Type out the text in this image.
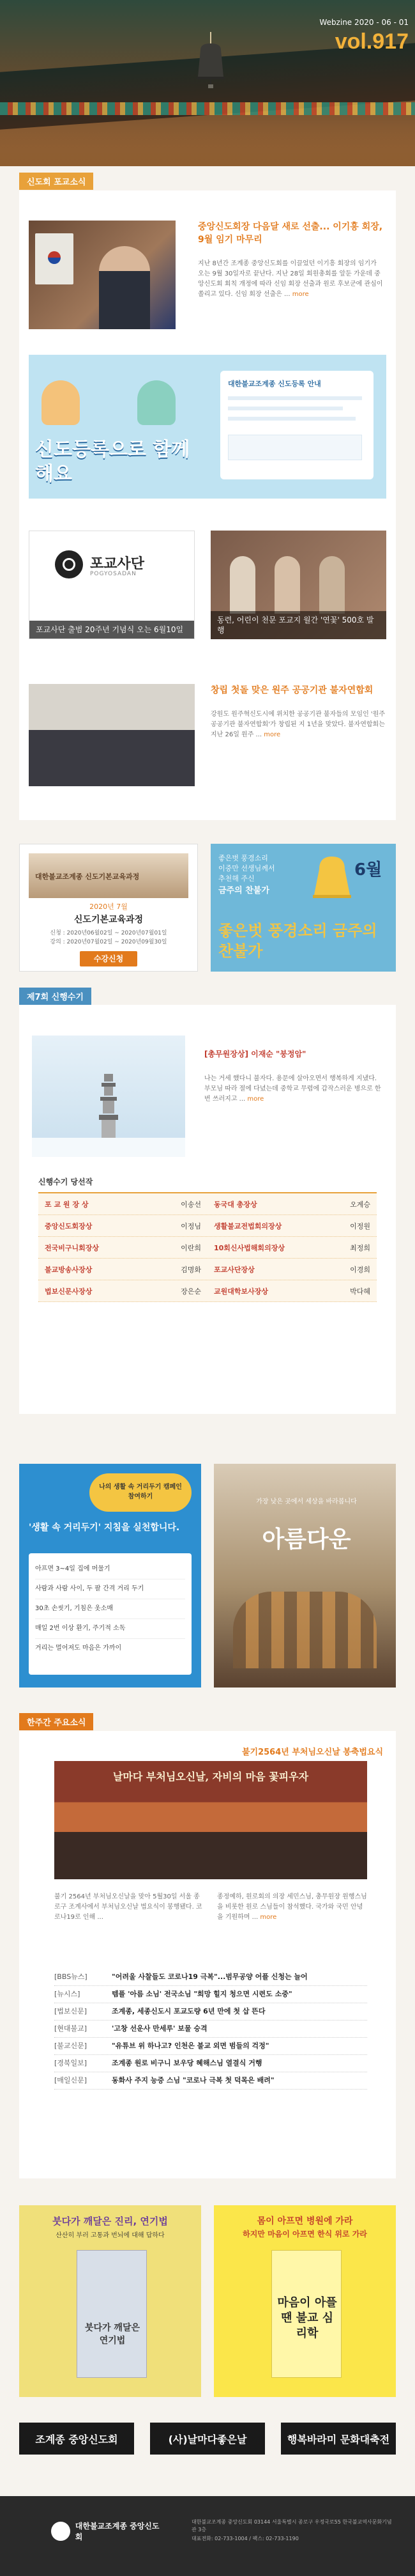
Webzine 2020 - 06 - 01
vol.917
신도회 포교소식
중앙신도회장 다음달 새로 선출... 이기흥 회장, 9월 임기 마무리
지난 8년간 조계종 중앙신도회를 이끌었던 이기흥 회장의 임기가 오는 9월 30일자로 끝난다. 지난 28일 회원총회를 앞둔 가운데 중앙신도회 회칙 개정에 따라 신임 회장 선출과 원로 후보군에 관심이 쏠리고 있다. 신임 회장 선출은 ... more
신도등록으로 함께해요
대한불교조계종 신도등록 안내
포교사단
POGYOSADAN
포교사단 출범 20주년 기념식 오는 6월10일
동련, 어린이 천문 포교지 월간 '연꽃' 500호 발행
창립 첫돌 맞은 원주 공공기관 불자연합회
강원도 원주혁신도시에 위치한 공공기관 불자들의 모임인 '원주 공공기관 불자연합회'가 창립된 지 1년을 맞았다. 불자연합회는 지난 26일 원주 ... more
대한불교조계종 신도기본교육과정
2020년 7월
신도기본교육과정
신청 : 2020년06월02일 ~ 2020년07월01일
강의 : 2020년07월02일 ~ 2020년09월30일
수강신청
좋은벗 풍경소리
이중만 선생님께서
추천해 주신
금주의 찬불가
6월
좋은벗 풍경소리 금주의 찬불가
제7회 신행수기
[총무원장상] 이재순 "붕정암"
나는 거세 했다니 불자다. 용문에 살아오면서 행복하게 지냈다. 부모님 따라 절에 다녔는데 중학교 무렵에 갑작스러운 병으로 한 번 쓰러지고 ... more
신행수기 당선작
포 교 원 장 상	이송선 동국대 총장상	오계승
중앙신도회장상	이정님 생활불교전법회의장상	이정원
전국비구니회장상	이란희 10회신사법해회의장상	최정희
불교방송사장상	김명화 포교사단장상	이경희
법보신문사장상	장은순 교원대학보사장상	박다혜
나의 생활 속 거리두기 캠페인 참여하기
'생활 속 거리두기' 지침을 실천합니다.
아프면 3~4일 집에 머물기
사람과 사람 사이, 두 팔 간격 거리 두기
30초 손씻기, 기침은 옷소매
매일 2번 이상 환기, 주기적 소독
거리는 멀어져도 마음은 가까이
가장 낮은 곳에서 세상을 바라봅니다
아름다운
한주간 주요소식
불기2564년 부처님오신날 봉축법요식
날마다 부처님오신날, 자비의 마음 꽃피우자
불기 2564년 부처님오신날을 맞아 5월30일 서울 종로구 조계사에서 부처님오신날 법요식이 봉행됐다. 코로나19로 인해 ...
종정예하, 원로회의 의장 세민스님, 총무원장 원행스님을 비롯한 원로 스님들이 참석했다. 국가와 국민 안녕을 기원하며 ... more
[BBS뉴스]	"어려울 사찰들도 코로나19 극복"...범무공양 어플 신청는 늘어
[뉴시스]	템플 '아름 소님' 전국소님 "희망 힐지 청으면 시련도 소중"
[법보신문]	조계종, 세종신도시 포교도량 6년 만에 첫 삽 뜬다
[현대불교]	'고창 선운사 만세루' 보물 승격
[불교신문]	"유튜브 위 하나고? 인천은 불교 외면 범들의 걱정"
[경북일보]	조계종 원로 비구니 보우당 혜해스님 열결식 거행
[매일신문]	동화사 주지 능증 스님 "코로나 극복 첫 덕목은 배려"
붓다가 깨달은 진리, 연기법
산산히 부러 고통과 번뇌에 대해 답하다
붓다가 깨달은 연기법
몸이 아프면 병원에 가라
하지만 마음이 아프면 한식 위로 가라
마음이 아플 땐 불교 심리학
조계종 중앙신도회	(사)날마다좋은날	행복바라미 문화대축전
대한불교조계종 중앙신도회
대한불교조계종 중앙신도회 03144 서울특별시 종로구 우정국로55 한국불교역사문화기념관 3층
대표전화: 02-733-1004 / 팩스: 02-733-1190
